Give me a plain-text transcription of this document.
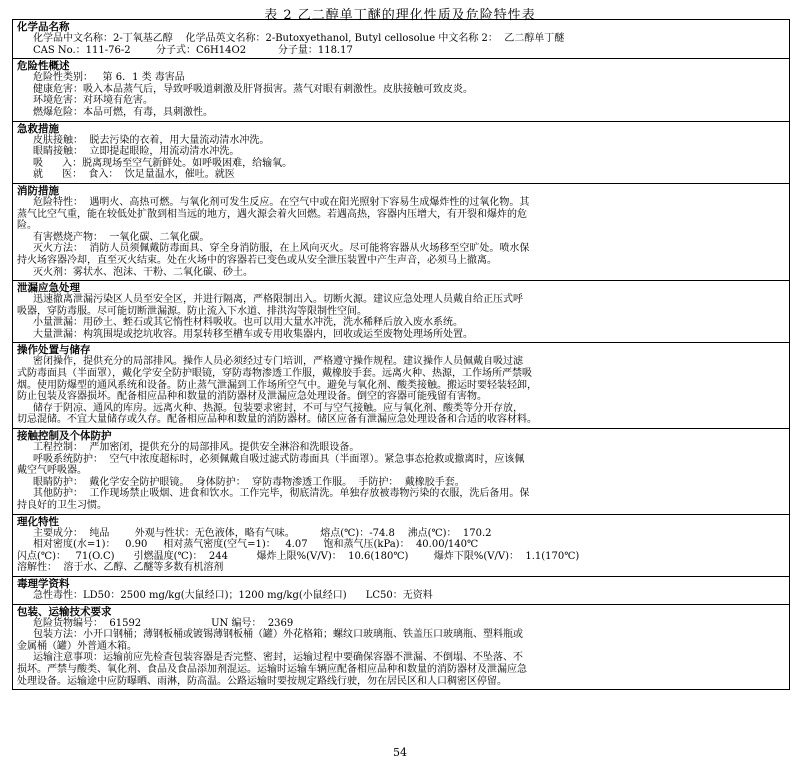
表 2 乙二醇单丁醚的理化性质及危险特性表
化学品名称
化学品中文名称：2-丁氧基乙醇    化学品英文名称：2-Butoxyethanol, Butyl cellosolue 中文名称 2：  乙二醇单丁醚
CAS No.：111-76-2        分子式：C6H14O2          分子量：118.17
危险性概述
危险性类别：   第 6．1 类 毒害品
健康危害：吸入本品蒸气后，导致呼吸道刺激及肝肾损害。蒸气对眼有刺激性。皮肤接触可致皮炎。
环境危害：对环境有危害。
燃爆危险：本品可燃，有毒，具刺激性。
急救措施
皮肤接触：  脱去污染的衣着，用大量流动清水冲洗。
眼睛接触：  立即提起眼睑，用流动清水冲洗。
吸      入：脱离现场至空气新鲜处。如呼吸困难，给输氧。
就      医：  食入：  饮足量温水，催吐。就医
消防措施
危险特性：  遇明火、高热可燃。与氧化剂可发生反应。在空气中或在阳光照射下容易生成爆炸性的过氧化物。其
蒸气比空气重，能在较低处扩散到相当远的地方，遇火源会着火回燃。若遇高热，容器内压增大，有开裂和爆炸的危
险。
有害燃烧产物：  一氧化碳、二氧化碳。
灭火方法：  消防人员须佩戴防毒面具、穿全身消防服，在上风向灭火。尽可能将容器从火场移至空旷处。喷水保
持火场容器冷却，直至灭火结束。处在火场中的容器若已变色或从安全泄压装置中产生声音，必须马上撤离。
灭火剂：雾状水、泡沫、干粉、二氧化碳、砂土。
泄漏应急处理
迅速撤离泄漏污染区人员至安全区，并进行隔离，严格限制出入。切断火源。建议应急处理人员戴自给正压式呼
吸器，穿防毒服。尽可能切断泄漏源。防止流入下水道、排洪沟等限制性空间。
小量泄漏：用砂土、蛭石或其它惰性材料吸收。也可以用大量水冲洗，洗水稀释后放入废水系统。
大量泄漏：构筑围堤或挖坑收容。用泵转移至槽车或专用收集器内，回收或运至废物处理场所处置。
操作处置与储存
密闭操作，提供充分的局部排风。操作人员必须经过专门培训，严格遵守操作规程。建议操作人员佩戴自吸过滤
式防毒面具（半面罩），戴化学安全防护眼镜，穿防毒物渗透工作服，戴橡胶手套。远离火种、热源，工作场所严禁吸
烟。使用防爆型的通风系统和设备。防止蒸气泄漏到工作场所空气中。避免与氧化剂、酸类接触。搬运时要轻装轻卸，
防止包装及容器损坏。配备相应品种和数量的消防器材及泄漏应急处理设备。倒空的容器可能残留有害物。
储存于阴凉、通风的库房。远离火种、热源。包装要求密封，不可与空气接触。应与氧化剂、酸类等分开存放，
切忌混储。不宜大量储存或久存。配备相应品种和数量的消防器材。储区应备有泄漏应急处理设备和合适的收容材料。
接触控制及个体防护
工程控制：  严加密闭，提供充分的局部排风。提供安全淋浴和洗眼设备。
呼吸系统防护：  空气中浓度超标时，必须佩戴自吸过滤式防毒面具（半面罩）。紧急事态抢救或撤离时，应该佩
戴空气呼吸器。
眼睛防护：  戴化学安全防护眼镜。  身体防护：  穿防毒物渗透工作服。  手防护：  戴橡胶手套。
其他防护：  工作现场禁止吸烟、进食和饮水。工作完毕，彻底清洗。单独存放被毒物污染的衣服，洗后备用。保
持良好的卫生习惯。
理化特性
主要成分：  纯品        外观与性状：无色液体，略有气味。        熔点(℃)：-74.8    沸点(℃)：  170.2
相对密度(水=1)：   0.90     相对蒸气密度(空气=1)：   4.07     饱和蒸气压(kPa)：  40.00/140℃
闪点(℃)：   71(O.C)      引燃温度(℃)：  244         爆炸上限%(V/V)：  10.6(180℃)        爆炸下限%(V/V)：  1.1(170℃)
溶解性：  溶于水、乙醇、乙醚等多数有机溶剂
毒理学资料
急性毒性：LD50：2500 mg/kg(大鼠经口)；1200 mg/kg(小鼠经口)      LC50：无资料
包装、运输技术要求
危险货物编号：  61592                      UN 编号：  2369
包装方法：小开口钢桶；薄钢板桶或镀锡薄钢板桶（罐）外花格箱；螺纹口玻璃瓶、铁盖压口玻璃瓶、塑料瓶或
金属桶（罐）外普通木箱。
运输注意事项：运输前应先检查包装容器是否完整、密封，运输过程中要确保容器不泄漏、不倒塌、不坠落、不
损坏。严禁与酸类、氧化剂、食品及食品添加剂混运。运输时运输车辆应配备相应品种和数量的消防器材及泄漏应急
处理设备。运输途中应防曝晒、雨淋，防高温。公路运输时要按规定路线行驶，勿在居民区和人口稠密区停留。
54
